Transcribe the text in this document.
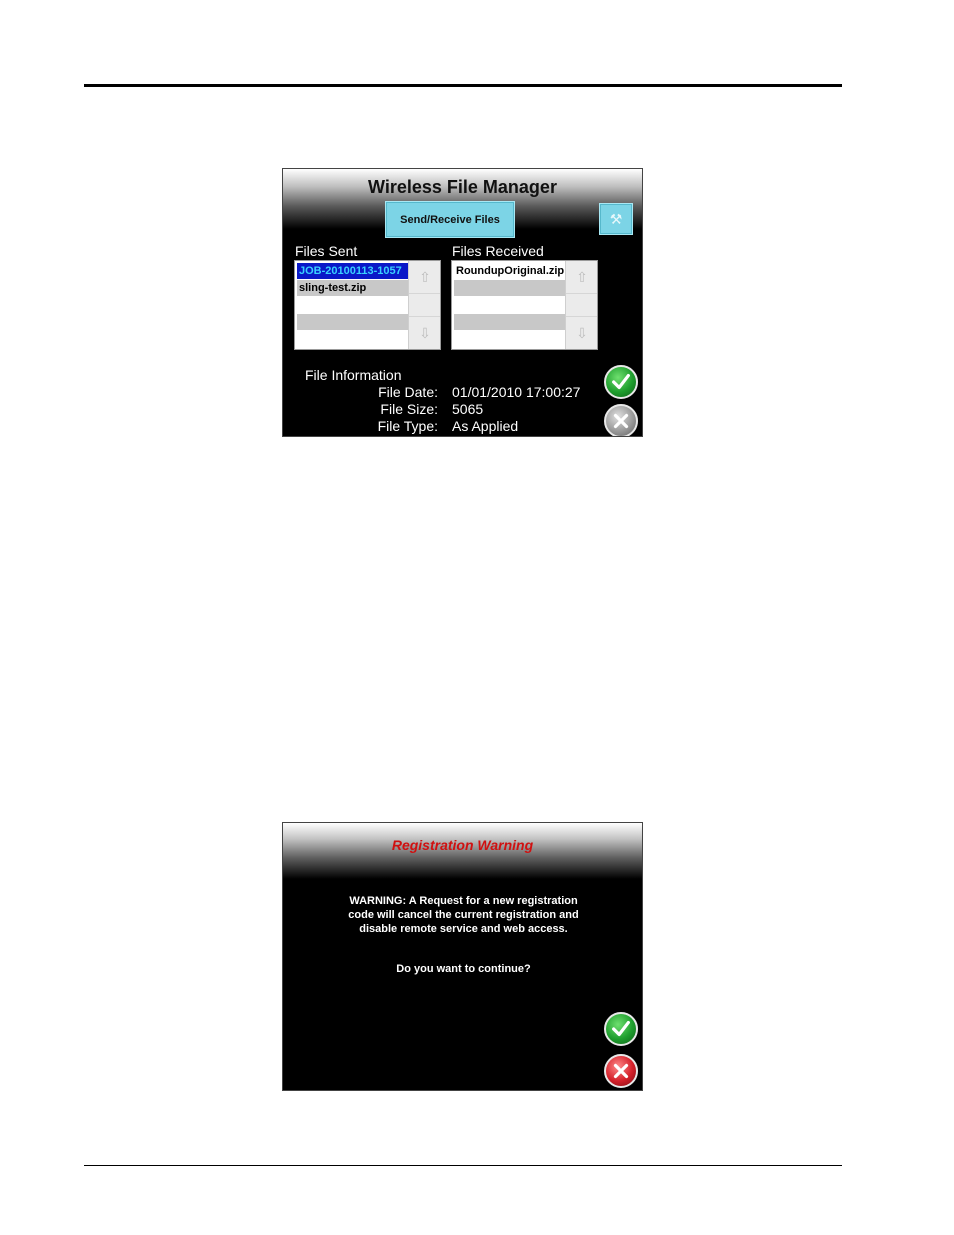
Wireless File Manager
Send/Receive Files	⚒
Files Sent
JOB-20100113-1057
sling-test.zip
⇧
⇩
Files Received
RoundupOriginal.zip ⇧
⇩
File Information
File Date: 01/01/2010 17:00:27
File Size: 5065
File Type: As Applied
Registration Warning
WARNING: A Request for a new registration
code will cancel the current registration and
disable remote service and web access.
Do you want to continue?
